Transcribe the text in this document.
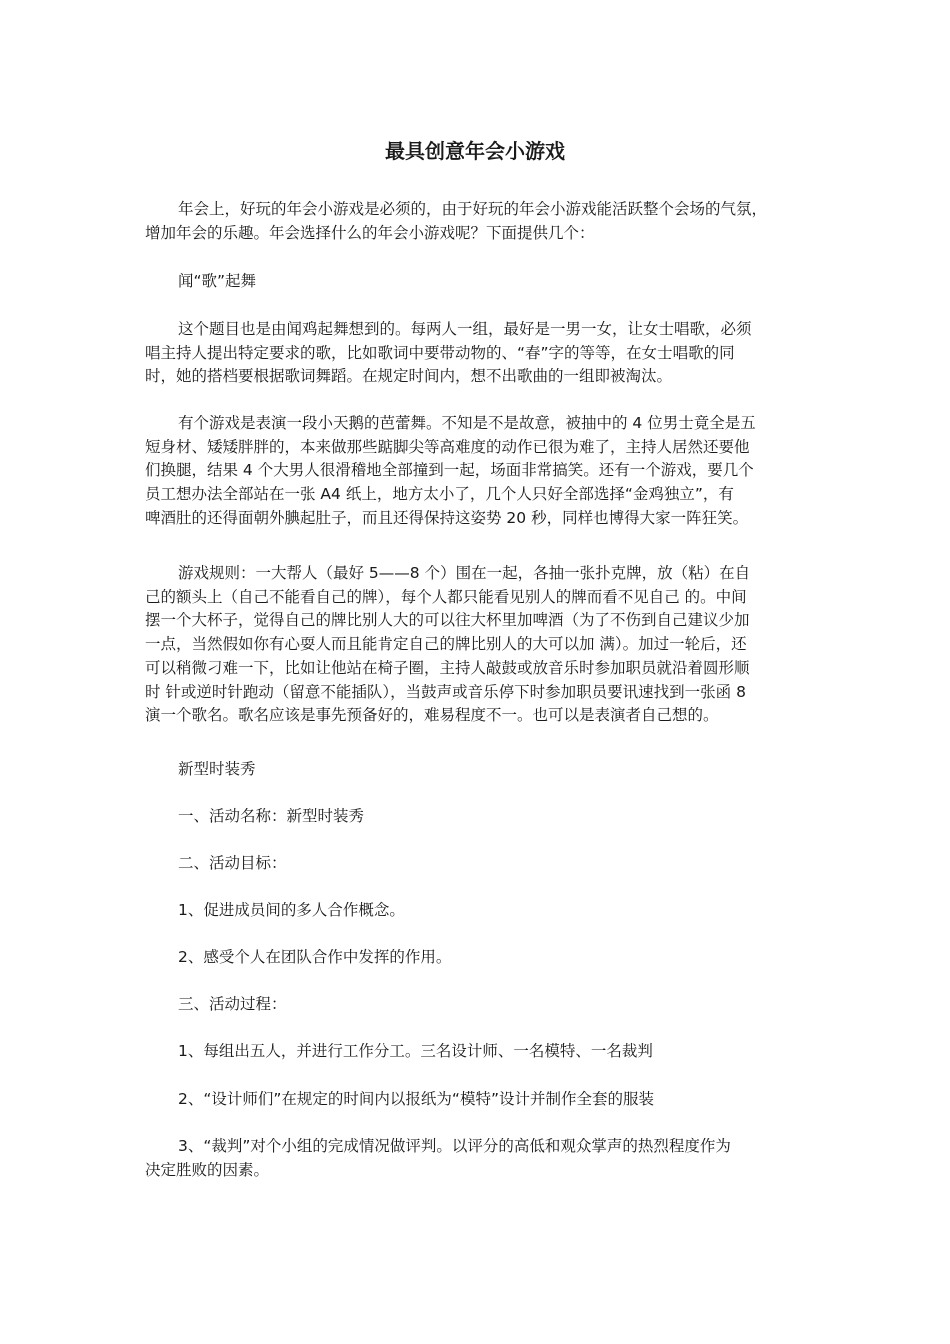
最具创意年会小游戏
年会上，好玩的年会小游戏是必须的，由于好玩的年会小游戏能活跃整个会场的气氛，
增加年会的乐趣。年会选择什么的年会小游戏呢？下面提供几个：
闻“歌”起舞
这个题目也是由闻鸡起舞想到的。每两人一组，最好是一男一女，让女士唱歌，必须
唱主持人提出特定要求的歌，比如歌词中要带动物的、“春”字的等等，在女士唱歌的同
时，她的搭档要根据歌词舞蹈。在规定时间内，想不出歌曲的一组即被淘汰。
有个游戏是表演一段小天鹅的芭蕾舞。不知是不是故意，被抽中的 4 位男士竟全是五
短身材、矮矮胖胖的，本来做那些踮脚尖等高难度的动作已很为难了，主持人居然还要他
们换腿，结果 4 个大男人很滑稽地全部撞到一起，场面非常搞笑。还有一个游戏，要几个
员工想办法全部站在一张 A4 纸上，地方太小了，几个人只好全部选择“金鸡独立”，有
啤酒肚的还得面朝外腆起肚子，而且还得保持这姿势 20 秒，同样也博得大家一阵狂笑。
游戏规则：一大帮人（最好 5——8 个）围在一起，各抽一张扑克牌，放（粘）在自
己的额头上（自己不能看自己的牌），每个人都只能看见别人的牌而看不见自己 的。中间
摆一个大杯子，觉得自己的牌比别人大的可以往大杯里加啤酒（为了不伤到自己建议少加
一点，当然假如你有心耍人而且能肯定自己的牌比别人的大可以加 满）。加过一轮后，还
可以稍微刁难一下，比如让他站在椅子圈，主持人敲鼓或放音乐时参加职员就沿着圆形顺
时 针或逆时针跑动（留意不能插队），当鼓声或音乐停下时参加职员要讯速找到一张函 8
演一个歌名。歌名应该是事先预备好的，难易程度不一。也可以是表演者自己想的。
新型时装秀
一、活动名称：新型时装秀
二、活动目标：
1、促进成员间的多人合作概念。
2、感受个人在团队合作中发挥的作用。
三、活动过程：
1、每组出五人，并进行工作分工。三名设计师、一名模特、一名裁判
2、“设计师们”在规定的时间内以报纸为“模特”设计并制作全套的服装
3、“裁判”对个小组的完成情况做评判。以评分的高低和观众掌声的热烈程度作为
决定胜败的因素。
